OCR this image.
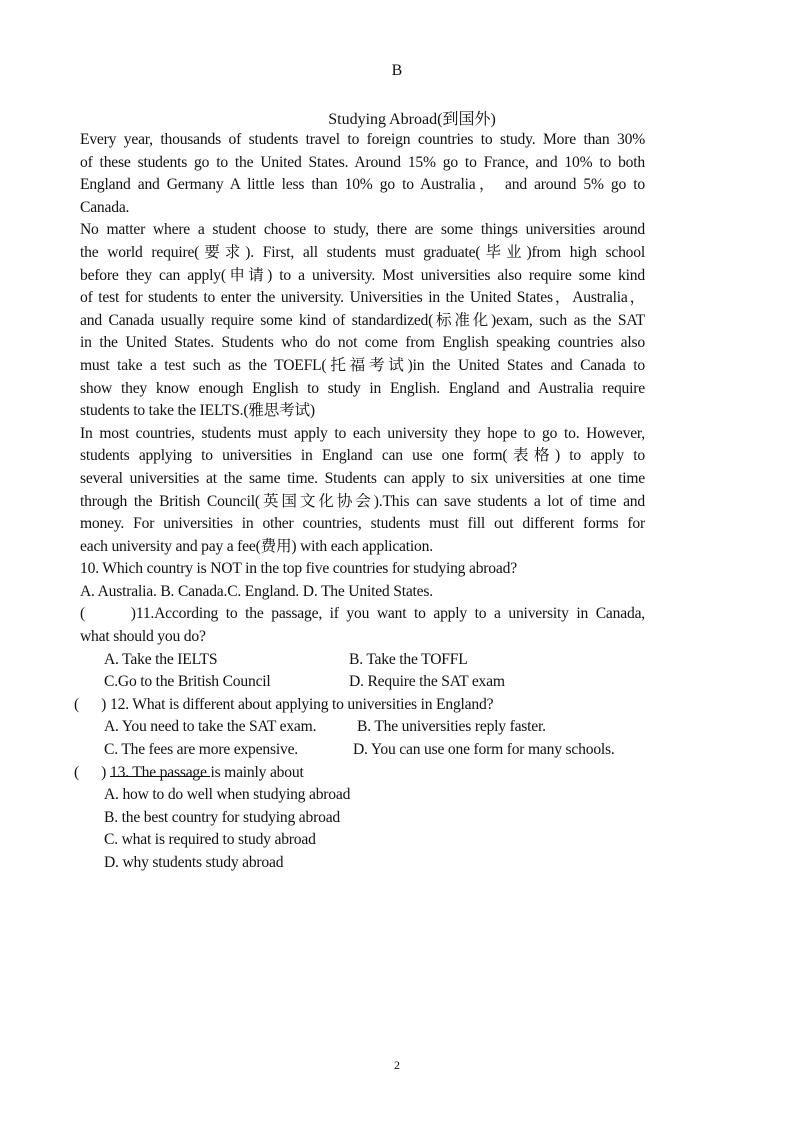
B
Studying Abroad(到国外)
Every year, thousands of students travel to foreign countries to study. More than 30%
of these students go to the United States. Around 15% go to France, and 10% to both
England and Germany A little less than 10% go to Australia， and around 5% go to
Canada.
No matter where a student choose to study, there are some things universities around
the world require(要求). First, all students must graduate(毕业)from high school
before they can apply(申请) to a university. Most universities also require some kind
of test for students to enter the university. Universities in the United States，Australia，
and Canada usually require some kind of standardized(标准化)exam, such as the SAT
in the United States. Students who do not come from English speaking countries also
must take a test such as the TOEFL(托福考试)in the United States and Canada to
show they know enough English to study in English. England and Australia require
students to take the IELTS.(雅思考试)
In most countries, students must apply to each university they hope to go to. However,
students applying to universities in England can use one form(表格) to apply to
several universities at the same time. Students can apply to six universities at one time
through the British Council(英国文化协会).This can save students a lot of time and
money. For universities in other countries, students must fill out different forms for
each university and pay a fee(费用) with each application.
10. Which country is NOT in the top five countries for studying abroad?
A. Australia. B. Canada.C. England. D. The United States.
(      )11.According to the passage, if you want to apply to a university in Canada,
what should you do?
A. Take the IELTS	B. Take the TOFFL
C.Go to the British Council	D. Require the SAT exam
(      ) 12. What is different about applying to universities in England?
A. You need to take the SAT exam.	B. The universities reply faster.
C. The fees are more expensive.	D. You can use one form for many schools.
(      ) 13. The passage is mainly about
A. how to do well when studying abroad
B. the best country for studying abroad
C. what is required to study abroad
D. why students study abroad
2
